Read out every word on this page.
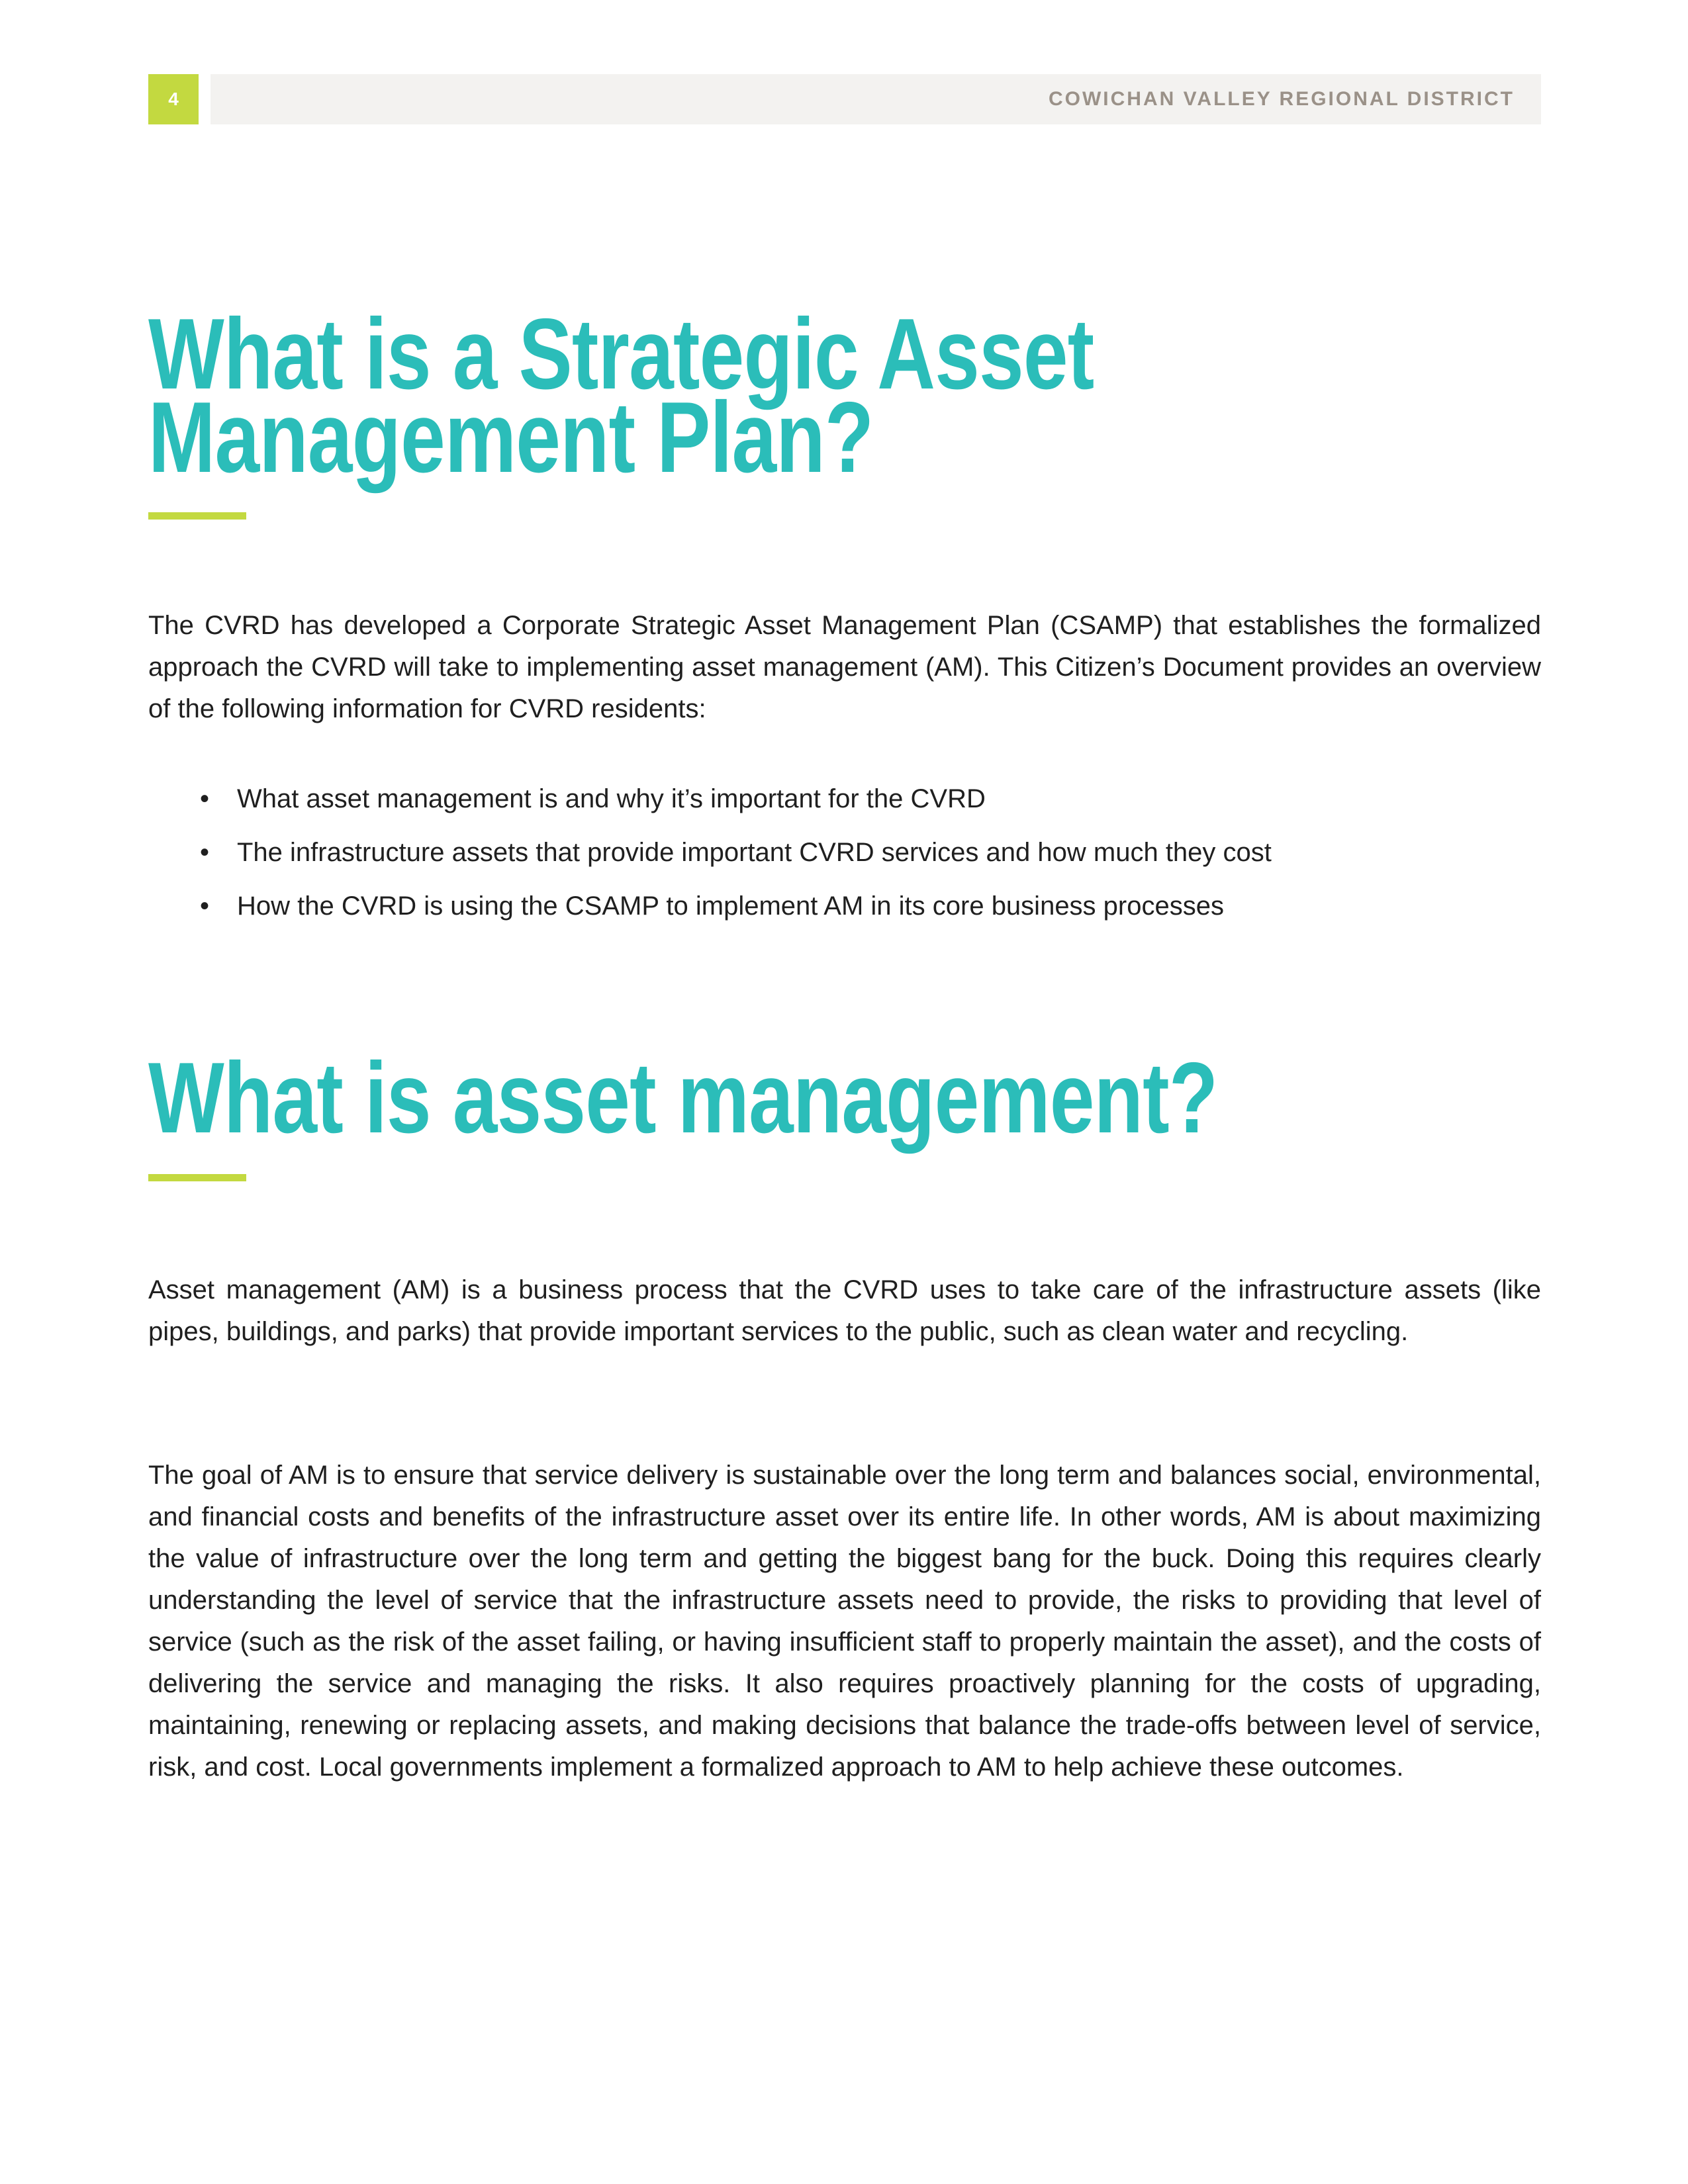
4	COWICHAN VALLEY REGIONAL DISTRICT
What is a Strategic Asset
Management Plan?

The CVRD has developed a Corporate Strategic Asset Management Plan (CSAMP) that establishes the formalized approach the CVRD will take to implementing asset management (AM). This Citizen’s Document provides an overview of the following information for CVRD residents:

• What asset management is and why it’s important for the CVRD
• The infrastructure assets that provide important CVRD services and how much they cost
• How the CVRD is using the CSAMP to implement AM in its core business processes
What is asset management?

Asset management (AM) is a business process that the CVRD uses to take care of the infrastructure assets (like pipes, buildings, and parks) that provide important services to the public, such as clean water and recycling.

The goal of AM is to ensure that service delivery is sustainable over the long term and balances social, environmental, and financial costs and benefits of the infrastructure asset over its entire life. In other words, AM is about maximizing the value of infrastructure over the long term and getting the biggest bang for the buck. Doing this requires clearly understanding the level of service that the infrastructure assets need to provide, the risks to providing that level of service (such as the risk of the asset failing, or having insufficient staff to properly maintain the asset), and the costs of delivering the service and managing the risks. It also requires proactively planning for the costs of upgrading, maintaining, renewing or replacing assets, and making decisions that balance the trade-offs between level of service, risk, and cost. Local governments implement a formalized approach to AM to help achieve these outcomes.
